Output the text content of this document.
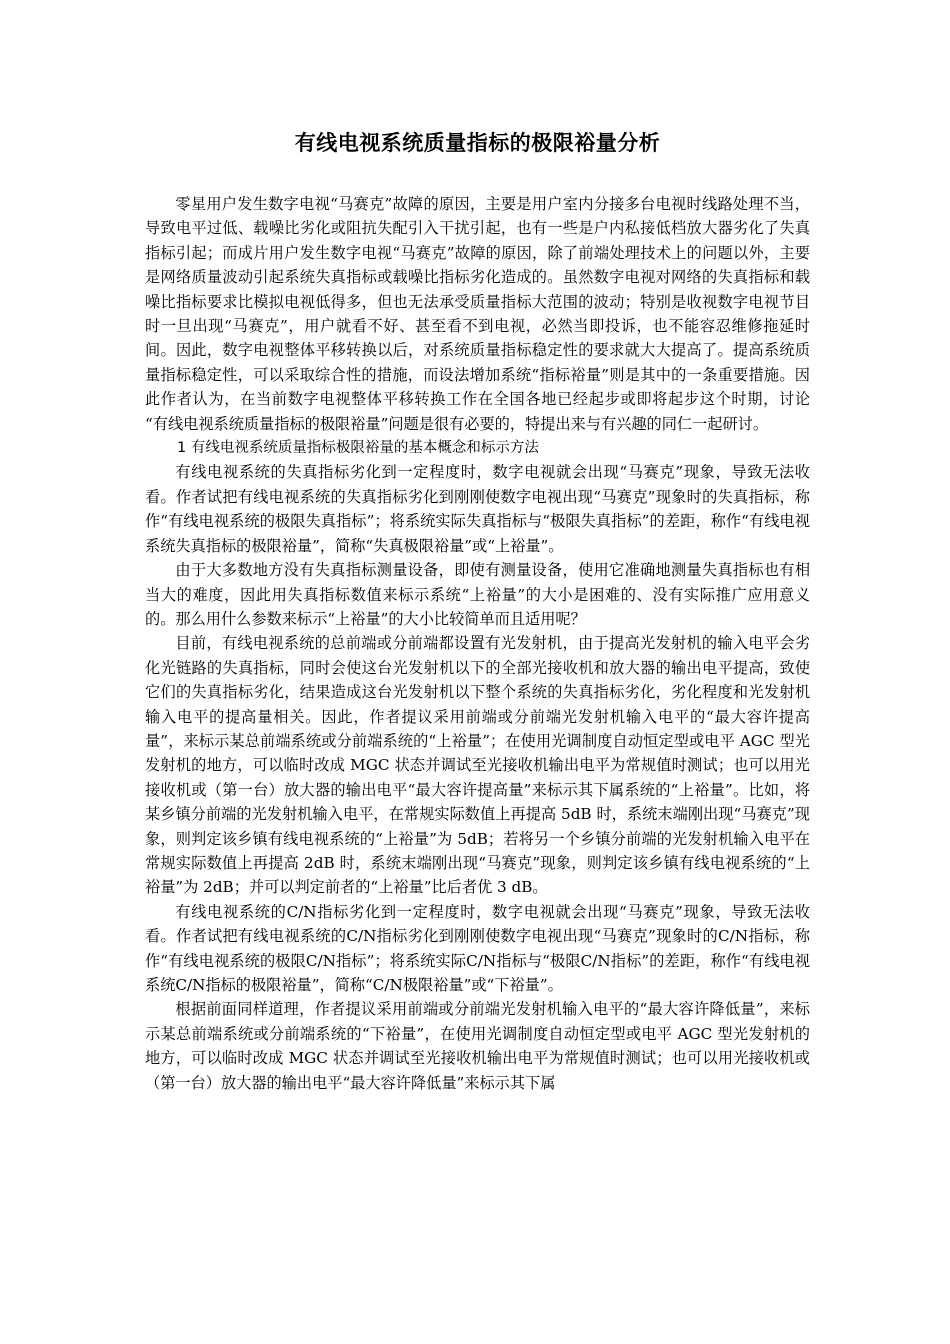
有线电视系统质量指标的极限裕量分析

零星用户发生数字电视“马赛克”故障的原因，主要是用户室内分接多台电视时线路处理不当，导致电平过低、载噪比劣化或阻抗失配引入干扰引起，也有一些是户内私接低档放大器劣化了失真指标引起；而成片用户发生数字电视“马赛克”故障的原因，除了前端处理技术上的问题以外，主要是网络质量波动引起系统失真指标或载噪比指标劣化造成的。虽然数字电视对网络的失真指标和载噪比指标要求比模拟电视低得多，但也无法承受质量指标大范围的波动；特别是收视数字电视节目时一旦出现“马赛克”，用户就看不好、甚至看不到电视，必然当即投诉，也不能容忍维修拖延时间。因此，数字电视整体平移转换以后，对系统质量指标稳定性的要求就大大提高了。提高系统质量指标稳定性，可以采取综合性的措施，而设法增加系统“指标裕量”则是其中的一条重要措施。因此作者认为，在当前数字电视整体平移转换工作在全国各地已经起步或即将起步这个时期，讨论 “有线电视系统质量指标的极限裕量”问题是很有必要的，特提出来与有兴趣的同仁一起研讨。

1 有线电视系统质量指标极限裕量的基本概念和标示方法

有线电视系统的失真指标劣化到一定程度时，数字电视就会出现“马赛克”现象，导致无法收看。作者试把有线电视系统的失真指标劣化到刚刚使数字电视出现“马赛克”现象时的失真指标，称作“有线电视系统的极限失真指标”；将系统实际失真指标与“极限失真指标”的差距，称作“有线电视系统失真指标的极限裕量”，简称“失真极限裕量”或“上裕量”。

由于大多数地方没有失真指标测量设备，即使有测量设备，使用它准确地测量失真指标也有相当大的难度，因此用失真指标数值来标示系统“上裕量”的大小是困难的、没有实际推广应用意义的。那么用什么参数来标示“上裕量”的大小比较简单而且适用呢？

目前，有线电视系统的总前端或分前端都设置有光发射机，由于提高光发射机的输入电平会劣化光链路的失真指标，同时会使这台光发射机以下的全部光接收机和放大器的输出电平提高，致使它们的失真指标劣化，结果造成这台光发射机以下整个系统的失真指标劣化，劣化程度和光发射机输入电平的提高量相关。因此，作者提议采用前端或分前端光发射机输入电平的“最大容许提高量”，来标示某总前端系统或分前端系统的“上裕量”；在使用光调制度自动恒定型或电平 AGC 型光发射机的地方，可以临时改成 MGC 状态并调试至光接收机输出电平为常规值时测试；也可以用光接收机或（第一台）放大器的输出电平“最大容许提高量”来标示其下属系统的“上裕量”。比如，将某乡镇分前端的光发射机输入电平，在常规实际数值上再提高 5dB 时，系统末端刚出现“马赛克”现象，则判定该乡镇有线电视系统的“上裕量”为 5dB；若将另一个乡镇分前端的光发射机输入电平在常规实际数值上再提高 2dB 时，系统末端刚出现“马赛克”现象，则判定该乡镇有线电视系统的“上裕量”为 2dB；并可以判定前者的“上裕量”比后者优 3 dB。

有线电视系统的C/N指标劣化到一定程度时，数字电视就会出现“马赛克”现象，导致无法收看。作者试把有线电视系统的C/N指标劣化到刚刚使数字电视出现“马赛克”现象时的C/N指标，称作“有线电视系统的极限C/N指标”；将系统实际C/N指标与“极限C/N指标”的差距，称作“有线电视系统C/N指标的极限裕量”，简称“C/N极限裕量”或“下裕量”。

根据前面同样道理，作者提议采用前端或分前端光发射机输入电平的“最大容许降低量”，来标示某总前端系统或分前端系统的“下裕量”，在使用光调制度自动恒定型或电平 AGC 型光发射机的地方，可以临时改成 MGC 状态并调试至光接收机输出电平为常规值时测试；也可以用光接收机或（第一台）放大器的输出电平“最大容许降低量”来标示其下属
